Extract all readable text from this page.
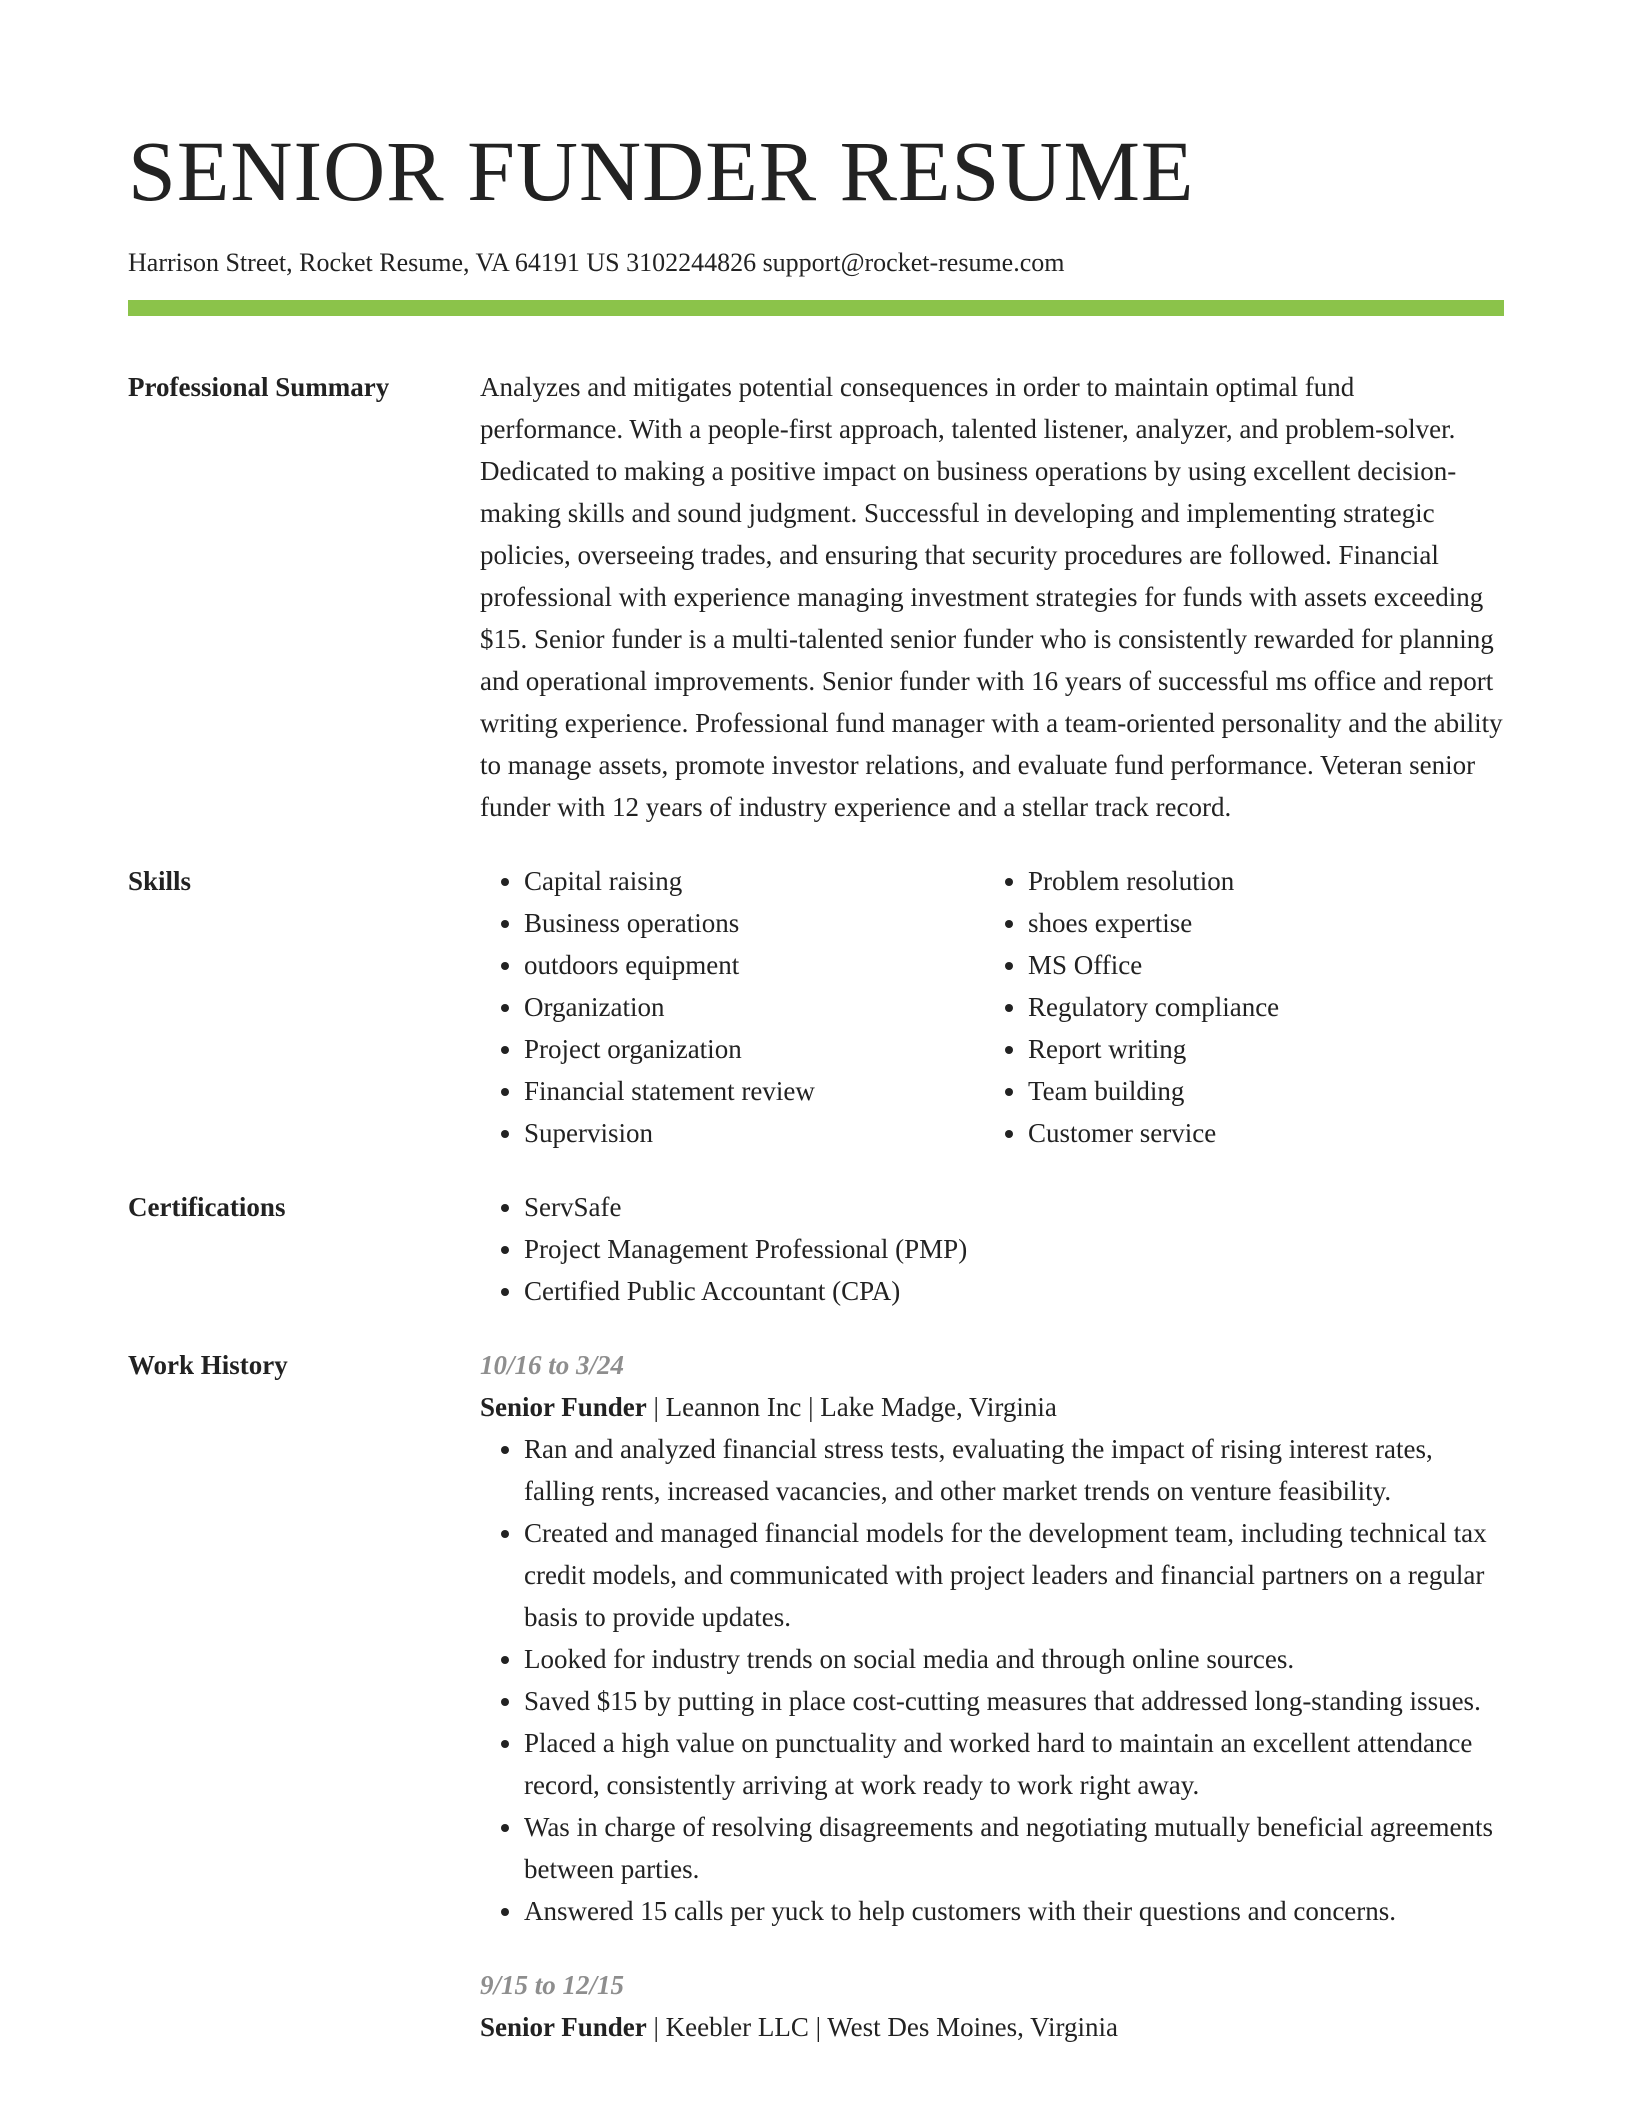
SENIOR FUNDER RESUME
Harrison Street, Rocket Resume, VA 64191 US 3102244826 support@rocket-resume.com
Professional Summary	Analyzes and mitigates potential consequences in order to maintain optimal fund performance. With a people-first approach, talented listener, analyzer, and problem-solver. Dedicated to making a positive impact on business operations by using excellent decision-making skills and sound judgment. Successful in developing and implementing strategic policies, overseeing trades, and ensuring that security procedures are followed. Financial professional with experience managing investment strategies for funds with assets exceeding $15. Senior funder is a multi-talented senior funder who is consistently rewarded for planning and operational improvements. Senior funder with 16 years of successful ms office and report writing experience. Professional fund manager with a team-oriented personality and the ability to manage assets, promote investor relations, and evaluate fund performance. Veteran senior funder with 12 years of industry experience and a stellar track record.

Skills	• Capital raising
• Business operations
• outdoors equipment
• Organization
• Project organization
• Financial statement review
• Supervision
• Problem resolution
• shoes expertise
• MS Office
• Regulatory compliance
• Report writing
• Team building
• Customer service
Certifications	• ServSafe
• Project Management Professional (PMP)
• Certified Public Accountant (CPA)
Work History	10/16 to 3/24
Senior Funder | Leannon Inc | Lake Madge, Virginia
• Ran and analyzed financial stress tests, evaluating the impact of rising interest rates, falling rents, increased vacancies, and other market trends on venture feasibility.
• Created and managed financial models for the development team, including technical tax credit models, and communicated with project leaders and financial partners on a regular basis to provide updates.
• Looked for industry trends on social media and through online sources.
• Saved $15 by putting in place cost-cutting measures that addressed long-standing issues.
• Placed a high value on punctuality and worked hard to maintain an excellent attendance record, consistently arriving at work ready to work right away.
• Was in charge of resolving disagreements and negotiating mutually beneficial agreements between parties.
• Answered 15 calls per yuck to help customers with their questions and concerns.
9/15 to 12/15
Senior Funder | Keebler LLC | West Des Moines, Virginia
